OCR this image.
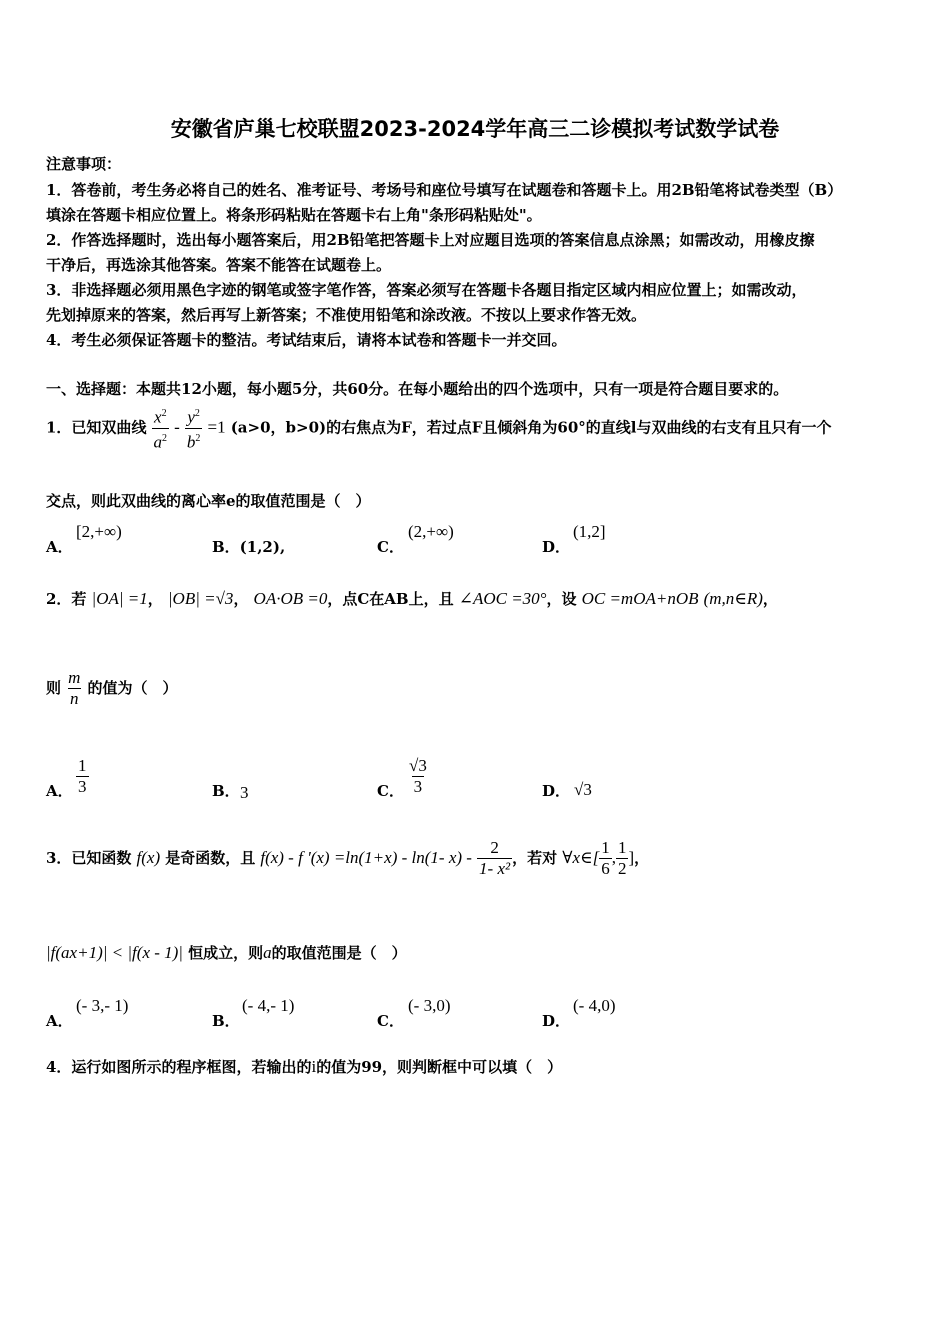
安徽省庐巢七校联盟2023-2024学年高三二诊模拟考试数学试卷
注意事项：
1．答卷前，考生务必将自己的姓名、准考证号、考场号和座位号填写在试题卷和答题卡上。用2B铅笔将试卷类型（B）
填涂在答题卡相应位置上。将条形码粘贴在答题卡右上角"条形码粘贴处"。
2．作答选择题时，选出每小题答案后，用2B铅笔把答题卡上对应题目选项的答案信息点涂黑；如需改动，用橡皮擦
干净后，再选涂其他答案。答案不能答在试题卷上。
3．非选择题必须用黑色字迹的钢笔或签字笔作答，答案必须写在答题卡各题目指定区域内相应位置上；如需改动，
先划掉原来的答案，然后再写上新答案；不准使用铅笔和涂改液。不按以上要求作答无效。
4．考生必须保证答题卡的整洁。考试结束后，请将本试卷和答题卡一并交回。
一、选择题：本题共12小题，每小题5分，共60分。在每小题给出的四个选项中，只有一项是符合题目要求的。
1．已知双曲线 $\frac{x^2}{a^2} - \frac{y^2}{b^2} =1$ (a>0，b>0)的右焦点为F，若过点F且倾斜角为60°的直线l与双曲线的右支有且只有一个
交点，则此双曲线的离心率e的取值范围是（　）
A．
[2,+∞)
B．(1,2),	C．
(2,+∞)
D．
(1,2]
2．若 |OA| =1， |OB| =√3， OA·OB =0，点C在AB上，且 ∠AOC =30°，设 OC =mOA+nOB (m,n∈R)，
则 $\frac{m}{n}$ 的值为（　）
A． $\frac{1}{3}$	B． 3	C． $\frac{√3}{3}$	D． √3
3．已知函数 f(x) 是奇函数，且 f(x) - f '(x) =ln(1+x) - ln(1- $x) - \frac{2}{\text{1- x²}}$ ，若对 ∀x∈[ $\frac{1}{6}$ , $\frac{1}{2}$ ]，
|f(ax+1)| < |f(x - 1)| 恒成立，则a的取值范围是（　）
A．
(- 3,- 1)
B．
(- 4,- 1)
C．
(- 3,0)
D．
(- 4,0)
4．运行如图所示的程序框图，若输出的i的值为99，则判断框中可以填（　）
